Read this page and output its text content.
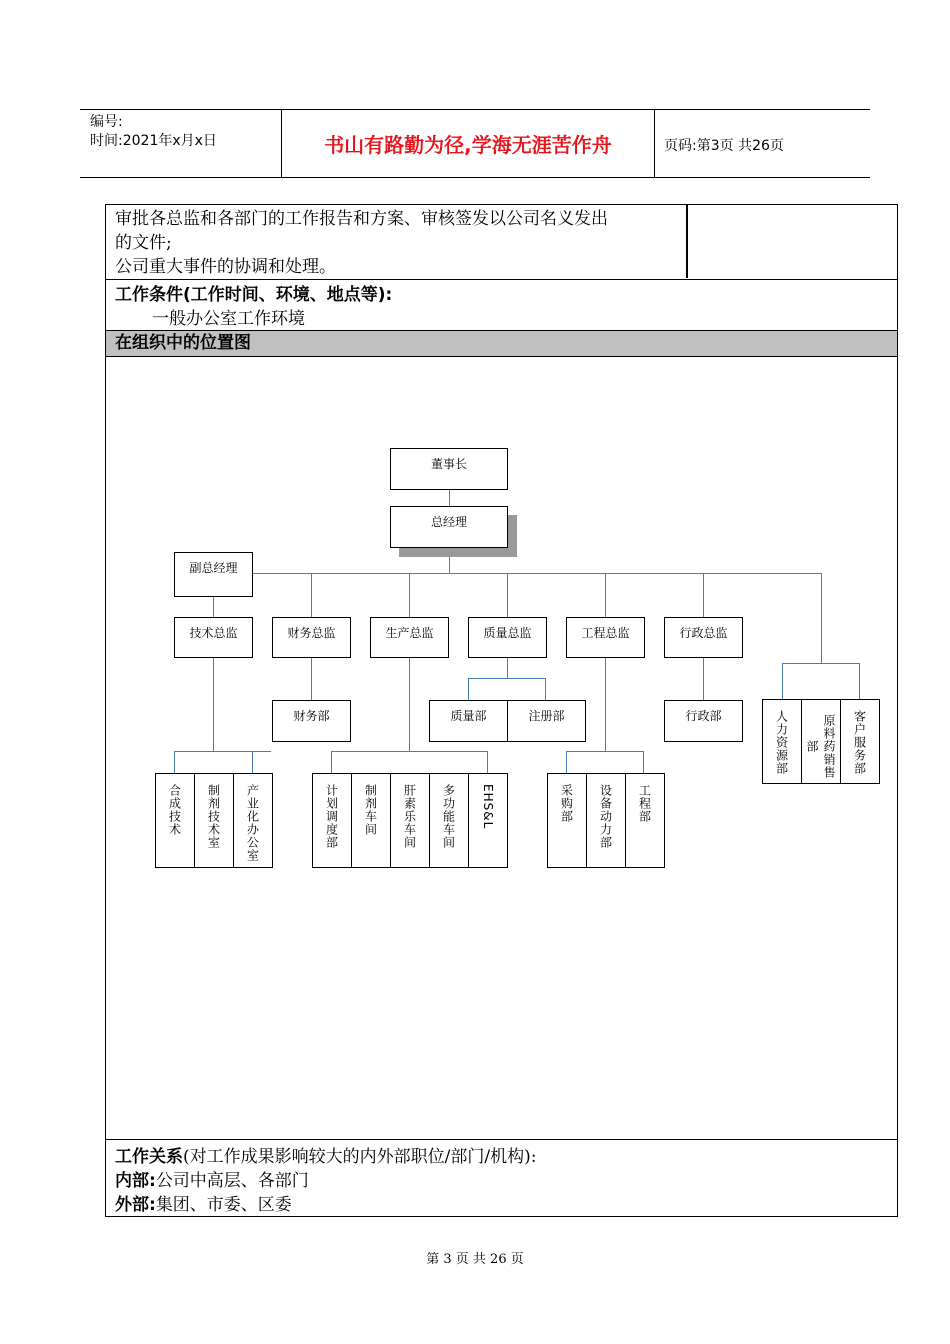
编号:
时间:2021年x月x日	书山有路勤为径,学海无涯苦作舟	页码:第3页 共26页
审批各总监和各部门的工作报告和方案、审核签发以公司名义发出
的文件;
公司重大事件的协调和处理。
工作条件(工作时间、环境、地点等):
一般办公室工作环境
在组织中的位置图
董事长
总经理
副总经理
技术总监	财务总监	生产总监	质量总监	工程总监	行政总监
财务部	质量部	注册部	行政部	人力资源部	原料药销售部	客户服务部
合成技术 制剂技术室 产业化办公室	计划调度部 制剂车间 肝素乐车间 多功能车间 EHS&L	采购部 设备动力部 工程部
工作关系(对工作成果影响较大的内外部职位/部门/机构):
内部:公司中高层、各部门
外部:集团、市委、区委
第 3 页 共 26 页
